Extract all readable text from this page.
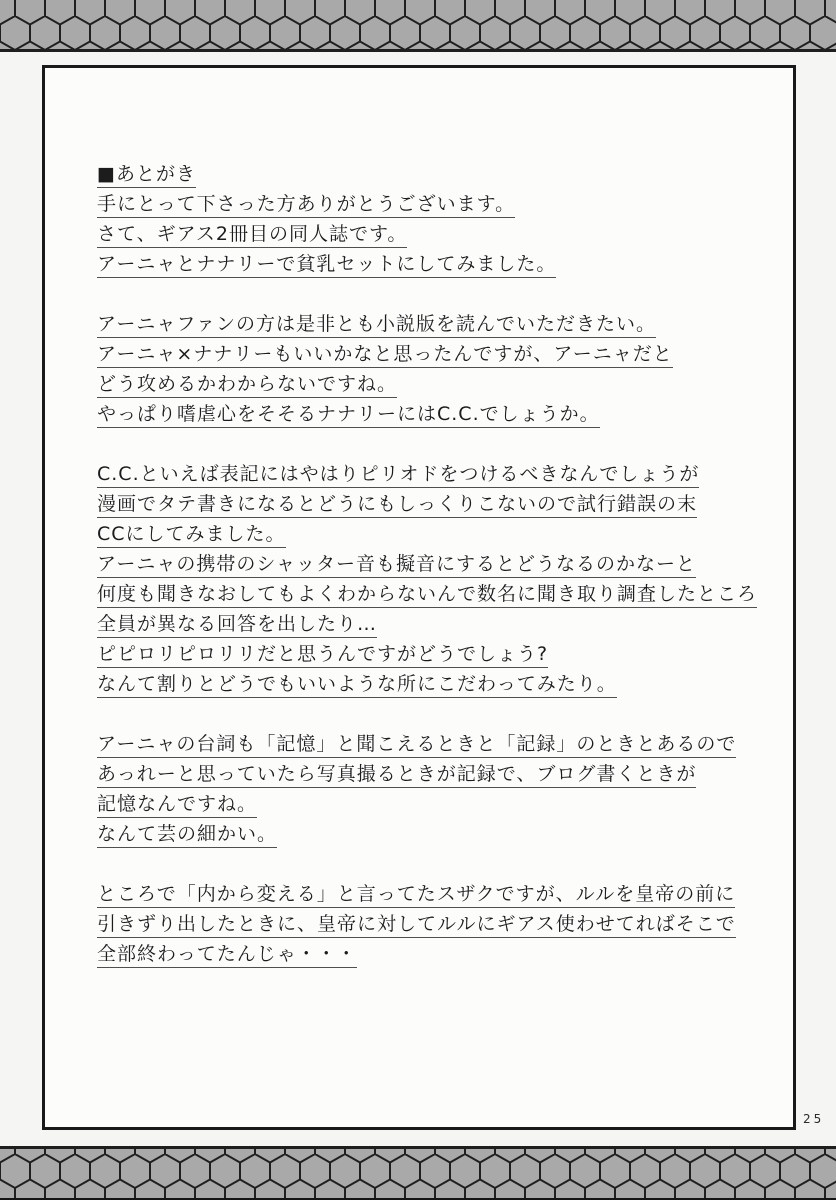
■あとがき
手にとって下さった方ありがとうございます。
さて、ギアス2冊目の同人誌です。
アーニャとナナリーで貧乳セットにしてみました。
アーニャファンの方は是非とも小説版を読んでいただきたい。
アーニャ×ナナリーもいいかなと思ったんですが、アーニャだと
どう攻めるかわからないですね。
やっぱり嗜虐心をそそるナナリーにはC.C.でしょうか。
C.C.といえば表記にはやはりピリオドをつけるべきなんでしょうが
漫画でタテ書きになるとどうにもしっくりこないので試行錯誤の末
CCにしてみました。
アーニャの携帯のシャッター音も擬音にするとどうなるのかなーと
何度も聞きなおしてもよくわからないんで数名に聞き取り調査したところ
全員が異なる回答を出したり…
ピピロリピロリリだと思うんですがどうでしょう?
なんて割りとどうでもいいような所にこだわってみたり。
アーニャの台詞も「記憶」と聞こえるときと「記録」のときとあるので
あっれーと思っていたら写真撮るときが記録で、ブログ書くときが
記憶なんですね。
なんて芸の細かい。
ところで「内から変える」と言ってたスザクですが、ルルを皇帝の前に
引きずり出したときに、皇帝に対してルルにギアス使わせてればそこで
全部終わってたんじゃ・・・
25
